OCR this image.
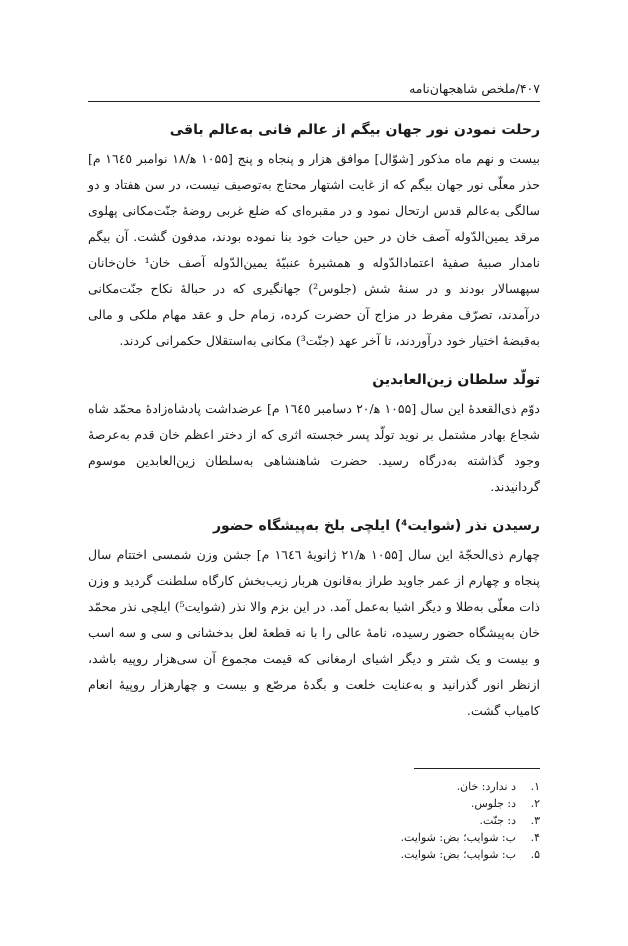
۴۰۷/ملخص شاهجهان‌نامه
رحلت نمودن نور جهان بیگم از عالم فانی به‌عالم باقی

بیست و نهم ماه مذکور [شوّال] موافق هزار و پنجاه و پنج [۱۰۵۵ ه‍/۱۸ نوامبر ۱٦٤٥ م] حذر معلّی نور جهان بیگم که از غایت اشتهار محتاج به‌توصیف نیست، در سن هفتاد و دو سالگی به‌عالم قدس ارتحال نمود و در مقبره‌ای که ضلع غربی روضهٔ جنّت‌مکانی پهلوی مرقد یمین‌الدّوله آصف خان در حین حیات خود بنا نموده بودند، مدفون گشت. آن بیگم نامدار صبیهٔ صفیهٔ اعتمادالدّوله و همشیرهٔ عنبیّهٔ یمین‌الدّوله آصف خان¹ خان‌خانان سپهسالار بودند و در سنهٔ شش (جلوس²) جهانگیری که در حبالهٔ نکاح جنّت‌مکانی درآمدند، تصرّف مفرط در مزاج آن حضرت کرده، زمام حل و عقد مهام ملکی و مالی به‌قبضهٔ اختیار خود درآوردند، تا آخر عهد (جنّت³) مکانی به‌استقلال حکمرانی کردند.

تولّد سلطان زین‌العابدین

دوّم ذی‌القعدهٔ این سال [۱۰۵۵ ه‍/۲۰ دسامبر ۱٦٤٥ م] عرضداشت پادشاه‌زادهٔ محمّد شاه شجاع بهادر مشتمل بر نوید تولّد پسر خجسته اثری که از دختر اعظم خان قدم به‌عرصهٔ وجود گذاشته به‌درگاه رسید. حضرت شاهنشاهی به‌سلطان زین‌العابدین موسوم گردانیدند.

رسیدن نذر (شوایت⁴) ایلچی بلخ به‌پیشگاه حضور

چهارم ذی‌الحجّهٔ این سال [۱۰۵۵ ه‍/۲۱ ژانویهٔ ۱٦٤٦ م] جشن وزن شمسی اختتام سال پنجاه و چهارم از عمر جاوید طراز به‌قانون هربار زیب‌بخش کارگاه سلطنت گردید و وزن ذات معلّی به‌طلا و دیگر اشیا به‌عمل آمد. در این بزم والا نذر (شوایت⁵) ایلچی نذر محمّد خان به‌پیشگاه حضور رسیده، نامهٔ عالی را با نه قطعهٔ لعل بدخشانی و سی و سه اسب و بیست و یک شتر و دیگر اشیای ارمغانی که قیمت مجموع آن سی‌هزار روپیه باشد، ازنظر انور گذرانید و به‌عنایت خلعت و بگدهٔ مرصّع و بیست و چهارهزار روپیهٔ انعام کامیاب گشت.

۱.
د ندارد: خان.
۲.
د: جلوس.
۳.
د: جنّت.
۴.
ب: شوایب؛ بض: شوایت.
۵.
ب: شوایب؛ بض: شوایت.
